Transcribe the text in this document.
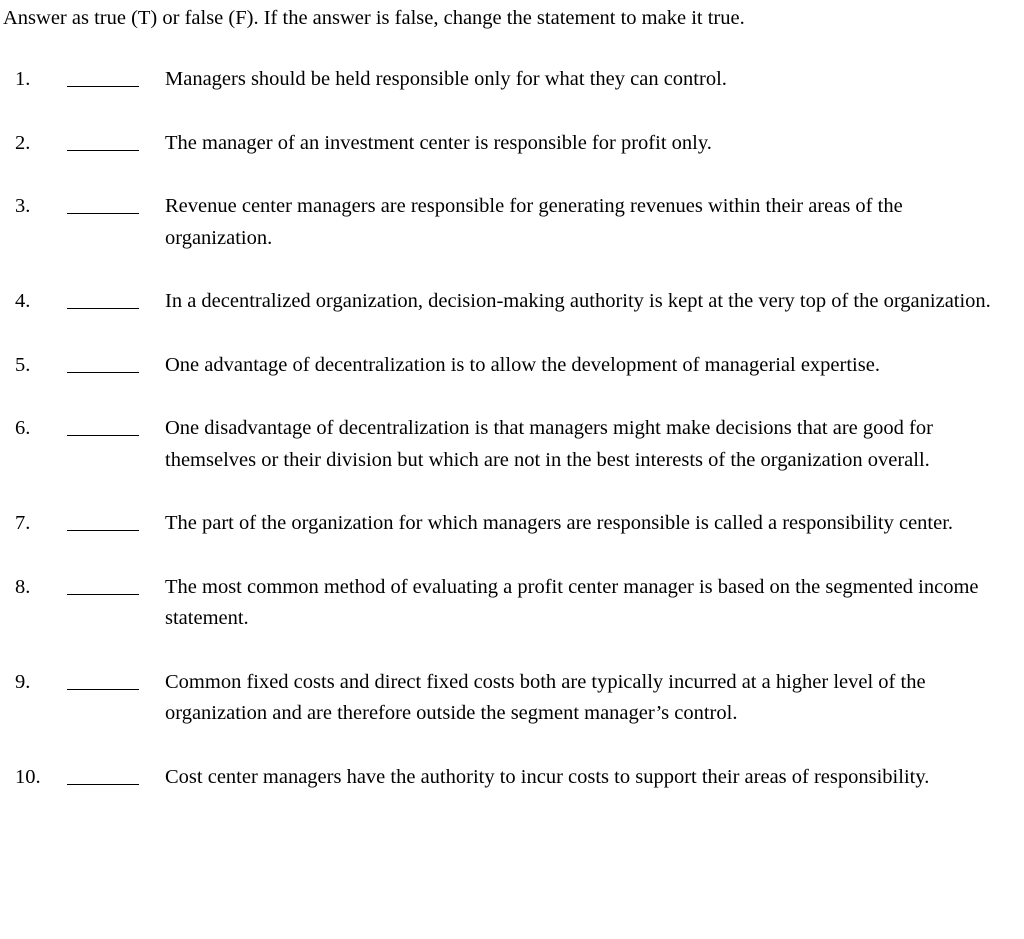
Answer as true (T) or false (F). If the answer is false, change the statement to make it true.
1.	Managers should be held responsible only for what they can control.
2.	The manager of an investment center is responsible for profit only.
3.	Revenue center managers are responsible for generating revenues within their areas of the organization.
4.	In a decentralized organization, decision-making authority is kept at the very top of the organization.
5.	One advantage of decentralization is to allow the development of managerial expertise.
6.	One disadvantage of decentralization is that managers might make decisions that are good for themselves or their division but which are not in the best interests of the organization overall.
7.	The part of the organization for which managers are responsible is called a responsibility center.
8.	The most common method of evaluating a profit center manager is based on the segmented income statement.
9.	Common fixed costs and direct fixed costs both are typically incurred at a higher level of the organization and are therefore outside the segment manager’s control.
10.	Cost center managers have the authority to incur costs to support their areas of responsibility.
